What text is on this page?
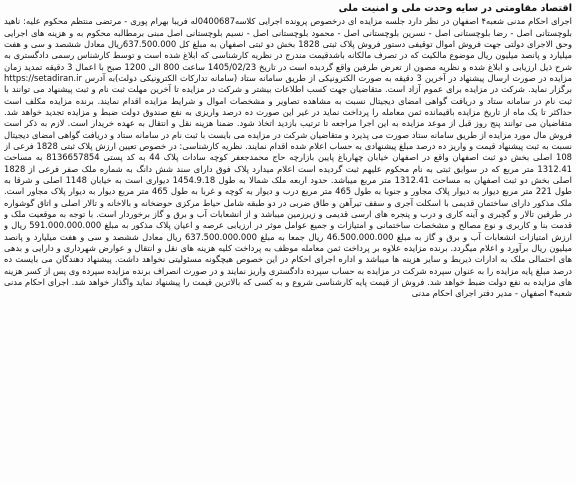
اقتصاد مقاومتی در سایه وحدت ملی و امنیت ملی

اجرای احکام مدنی شعبه۴ اصفهان در نظر دارد جلسه مزایده ای درخصوص پرونده اجرایی کلاسه0400687له فریبا بهرام پوری - مرتضی منتظم محکوم علیه: ناهید بلوچستانی اصل - رضا بلوچستانی اصل - نسرین بلوچستانی اصل - محمود بلوچستانی اصل - نسیم بلوچستانی اصل مبنی برمطالبه محکوم به و هزینه های اجرایی وحق الاجرای دولتی جهت فروش اموال توقیفی دستور فروش پلاک ثبتی 1828 بخش دو ثبتی اصفهان به مبلغ کل 637.500.000ریال معادل ششصد و سی و هفت میلیارد و پانصد میلیون ریال موضوع مالکیت که در تصرف مالکانه باشدقیمت مندرج در نظریه کارشناسی که ابلاغ شده است و توسط کارشناس رسمی دادگستری به شرح ذیل ارزیابی و ابلاغ شده و نظریه مصون از تعرض طرفین واقع گردیده است در تاریخ 1405/02/23 ساعت 800 الی 1200 صبح با اعمال 3 دقیقه تمدید زمان مزایده در صورت ارسال پیشنهاد در آخرین 3 دقیقه به صورت الکترونیکی از طریق سامانه ستاد (سامانه تدارکات الکترونیکی دولت)به آدرس https://setadiran.ir برگزار نماید. شرکت در مزایده برای عموم آزاد است. متقاضیان جهت کسب اطلاعات بیشتر و شرکت در مزایده تا آخرین مهلت ثبت نام و ثبت پیشنهاد می توانند با ثبت نام در سامانه ستاد و دریافت گواهی امضای دیجیتال نسبت به مشاهده تصاویر و مشخصات اموال و شرایط مزایده اقدام نمایند. برنده مزایده مکلف است حداکثر تا یک ماه از تاریخ مزایده باقیمانده ثمن معامله را پرداخت نماید در غیر این صورت ده درصد واریزی به نفع صندوق دولت ضبط و مزایده تجدید خواهد شد. متقاضیان می توانند پنج روز قبل از موعد مزایده به این اجرا مراجعه تا ترتیب بازدید اتخاذ شود. ضمنا هزینه نقل و انتقال به عهده خریدار است. لازم به ذکر است فروش مال مورد مزایده از طریق سامانه ستاد صورت می پذیرد و متقاضیان شرکت در مزایده می بایست با ثبت نام در سامانه ستاد و دریافت گواهی امضای دیجیتال نسبت به ثبت پیشنهاد قیمت و واریز ده درصد مبلغ پیشنهادی به حساب اعلام شده اقدام نمایند. نظریه کارشناسی: در خصوص تعیین ارزش پلاک ثبتی 1828 فرعی از 108 اصلی بخش دو ثبت اصفهان واقع در اصفهان خیابان چهارباغ پایین بازارچه حاج محمدجعفر کوچه سادات پلاک 44 به کد پستی 8136657854 به مساحت 1312.41 متر مربع که در سوابق ثبتی به نام محکوم علیهم ثبت گردیده است اعلام میدارد پلاک فوق دارای سند شش دانگ به شماره ملک صفر فرعی از 1828 اصلی بخش دو ثبت اصفهان به مساحت 1312.41 متر مربع میباشد. حدود اربعه ملک شمالا به طول 1454.9.18 دیواری است به خیابان 1148 اصلی و شرقا به طول 221 متر مربع دیوار به دیوار پلاک مجاور و جنوبا به طول 465 متر مربع درب و دیوار به کوچه و غربا به طول 465 متر مربع دیوار به دیوار پلاک مجاور است. ملک مذکور دارای ساختمان قدیمی با اسکلت آجری و سقف تیرآهن و طاق ضربی در دو طبقه شامل حیاط مرکزی حوضخانه و بالاخانه و تالار اصلی و اتاق گوشواره در طرفین تالار و گچبری و آینه کاری و درب و پنجره های ارسی قدیمی و زیرزمین میباشد و از انشعابات آب و برق و گاز برخوردار است. با توجه به موقعیت ملک و قدمت بنا و کاربری و نوع مصالح و مشخصات ساختمانی و امتیازات و جمیع عوامل موثر در ارزیابی عرصه و اعیان پلاک مذکور به مبلغ 591.000.000.000 ریال و ارزش امتیازات انشعابات آب و برق و گاز به مبلغ 46.500.000.000 ریال جمعا به مبلغ 637.500.000.000 ریال معادل ششصد و سی و هفت میلیارد و پانصد میلیون ریال برآورد و اعلام میگردد. برنده مزایده علاوه بر پرداخت ثمن معامله موظف به پرداخت کلیه هزینه های نقل و انتقال و عوارض شهرداری و دارایی و بدهی های احتمالی ملک به ادارات ذیربط و سایر هزینه ها میباشد و اداره اجرای احکام در این خصوص هیچگونه مسئولیتی نخواهد داشت. پیشنهاد دهندگان می بایست ده درصد مبلغ پایه مزایده را به عنوان سپرده شرکت در مزایده به حساب سپرده دادگستری واریز نمایند و در صورت انصراف برنده مزایده سپرده وی پس از کسر هزینه های مزایده به نفع دولت ضبط خواهد شد. فروش از قیمت پایه کارشناسی شروع و به کسی که بالاترین قیمت را پیشنهاد نماید واگذار خواهد شد. اجرای احکام مدنی شعبه۴ اصفهان - مدیر دفتر اجرای احکام مدنی
